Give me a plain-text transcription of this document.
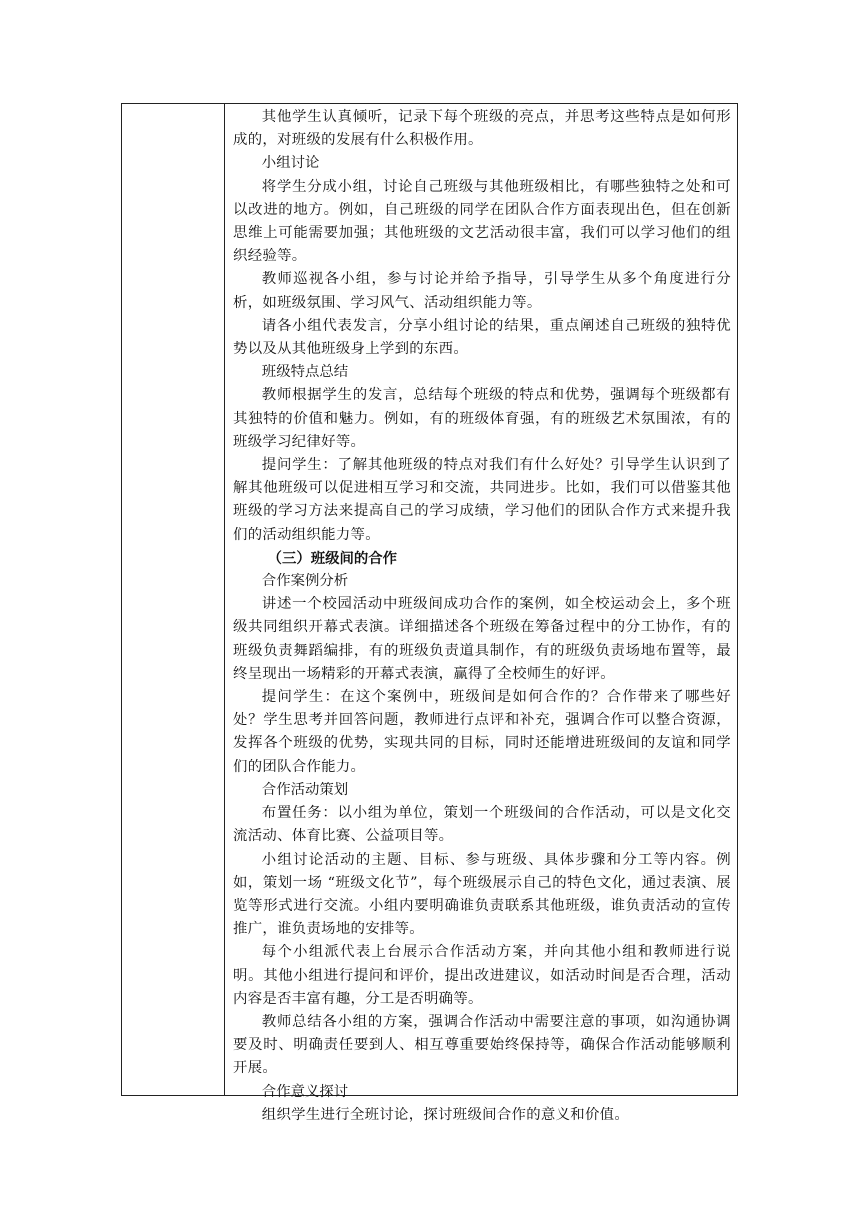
其他学生认真倾听，记录下每个班级的亮点，并思考这些特点是如何形成的，对班级的发展有什么积极作用。

小组讨论

将学生分成小组，讨论自己班级与其他班级相比，有哪些独特之处和可以改进的地方。例如，自己班级的同学在团队合作方面表现出色，但在创新思维上可能需要加强；其他班级的文艺活动很丰富，我们可以学习他们的组织经验等。

教师巡视各小组，参与讨论并给予指导，引导学生从多个角度进行分析，如班级氛围、学习风气、活动组织能力等。

请各小组代表发言，分享小组讨论的结果，重点阐述自己班级的独特优势以及从其他班级身上学到的东西。

班级特点总结

教师根据学生的发言，总结每个班级的特点和优势，强调每个班级都有其独特的价值和魅力。例如，有的班级体育强，有的班级艺术氛围浓，有的班级学习纪律好等。

提问学生：了解其他班级的特点对我们有什么好处？引导学生认识到了解其他班级可以促进相互学习和交流，共同进步。比如，我们可以借鉴其他班级的学习方法来提高自己的学习成绩，学习他们的团队合作方式来提升我们的活动组织能力等。

（三）班级间的合作

合作案例分析

讲述一个校园活动中班级间成功合作的案例，如全校运动会上，多个班级共同组织开幕式表演。详细描述各个班级在筹备过程中的分工协作，有的班级负责舞蹈编排，有的班级负责道具制作，有的班级负责场地布置等，最终呈现出一场精彩的开幕式表演，赢得了全校师生的好评。

提问学生：在这个案例中，班级间是如何合作的？合作带来了哪些好处？学生思考并回答问题，教师进行点评和补充，强调合作可以整合资源，发挥各个班级的优势，实现共同的目标，同时还能增进班级间的友谊和同学们的团队合作能力。

合作活动策划

布置任务：以小组为单位，策划一个班级间的合作活动，可以是文化交流活动、体育比赛、公益项目等。

小组讨论活动的主题、目标、参与班级、具体步骤和分工等内容。例如，策划一场 “班级文化节”，每个班级展示自己的特色文化，通过表演、展览等形式进行交流。小组内要明确谁负责联系其他班级，谁负责活动的宣传推广，谁负责场地的安排等。

每个小组派代表上台展示合作活动方案，并向其他小组和教师进行说明。其他小组进行提问和评价，提出改进建议，如活动时间是否合理，活动内容是否丰富有趣，分工是否明确等。

教师总结各小组的方案，强调合作活动中需要注意的事项，如沟通协调要及时、明确责任要到人、相互尊重要始终保持等，确保合作活动能够顺利开展。

合作意义探讨

组织学生进行全班讨论，探讨班级间合作的意义和价值。
